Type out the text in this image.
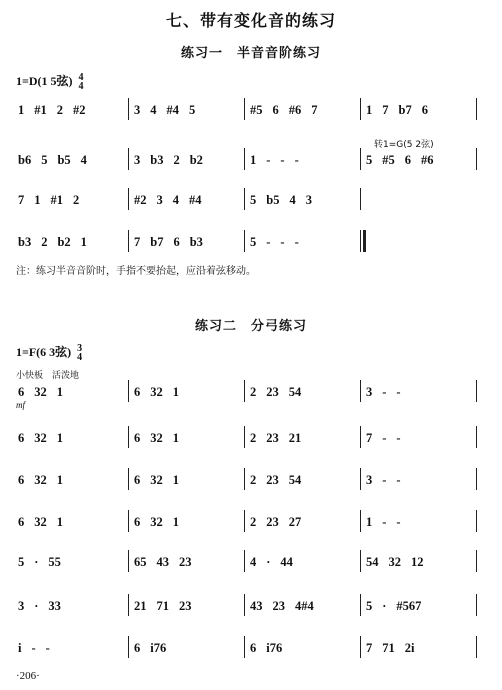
七、带有变化音的练习
练习一　半音音阶练习
1=D(1 5弦) 4
4
转1=G(5 2弦)
1 #1 2 #2	3 4 #4 5	#5 6 #6 7	1 7 b7 6
b6 5 b5 4	3 b3 2 b2	1 - - -	5 #5 6 #6
7 1 #1 2	#2 3 4 #4	5 b5 4 3
b3 2 b2 1	7 b7 6 b3	5 - - -
注：练习半音音阶时，手指不要抬起，应沿着弦移动。
练习二　分弓练习
1=F(6 3弦) 3
4
小快板　活泼地
mf
6 32 1	6 32 1	2 23 54	3 - -
6 32 1	6 32 1	2 23 21	7 - -
6 32 1	6 32 1	2 23 54	3 - -
6 32 1	6 32 1	2 23 27	1 - -
5 · 55	65 43 23	4 · 44	54 32 12
3 · 33	21 71 23	43 23 4#4	5 · #567
i - -	6 i76	6 i76	7 71 2i
·206·
